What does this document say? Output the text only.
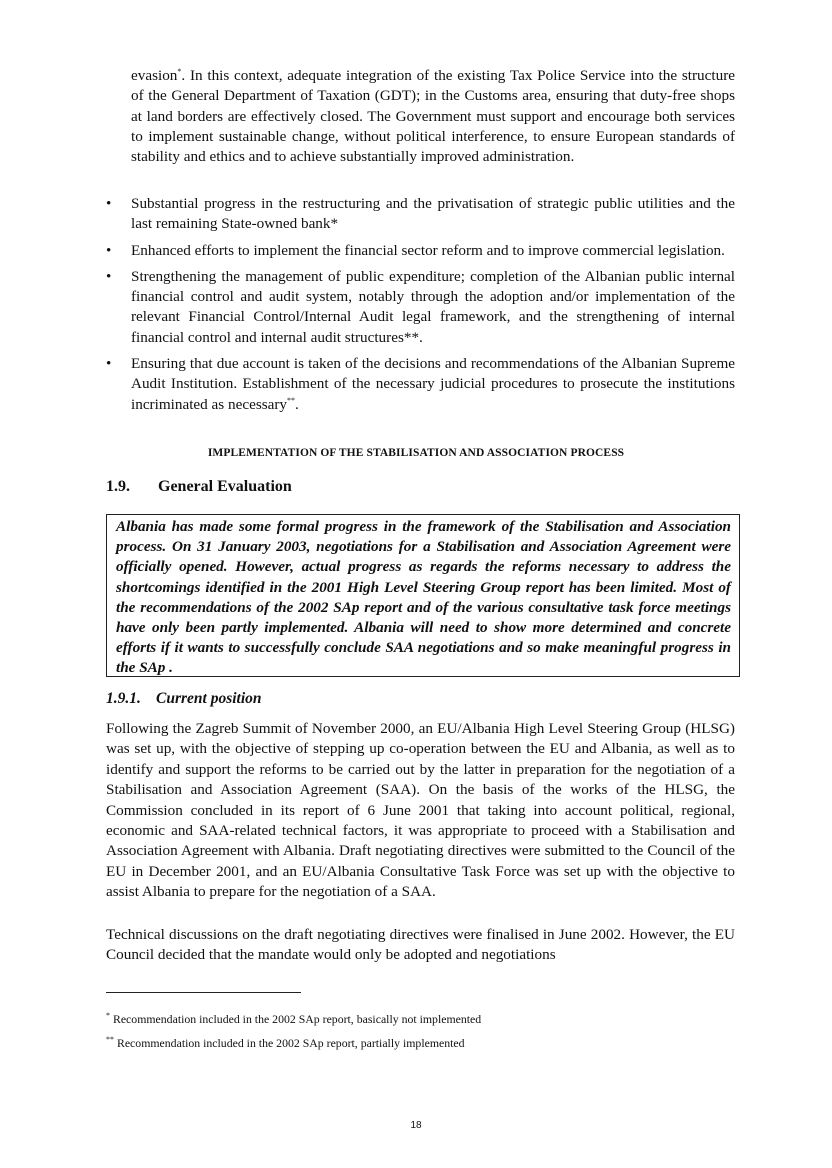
evasion*. In this context, adequate integration of the existing Tax Police Service into the structure of the General Department of Taxation (GDT); in the Customs area, ensuring that duty-free shops at land borders are effectively closed. The Government must support and encourage both services to implement sustainable change, without political interference, to ensure European standards of stability and ethics and to achieve substantially improved administration.

• Substantial progress in the restructuring and the privatisation of strategic public utilities and the last remaining State-owned bank*
• Enhanced efforts to implement the financial sector reform and to improve commercial legislation.
• Strengthening the management of public expenditure; completion of the Albanian public internal financial control and audit system, notably through the adoption and/or implementation of the relevant Financial Control/Internal Audit legal framework, and the strengthening of internal financial control and internal audit structures**.
• Ensuring that due account is taken of the decisions and recommendations of the Albanian Supreme Audit Institution. Establishment of the necessary judicial procedures to prosecute the institutions incriminated as necessary**.
IMPLEMENTATION OF THE STABILISATION AND ASSOCIATION PROCESS
1.9. General Evaluation
Albania has made some formal progress in the framework of the Stabilisation and Association process. On 31 January 2003, negotiations for a Stabilisation and Association Agreement were officially opened. However, actual progress as regards the reforms necessary to address the shortcomings identified in the 2001 High Level Steering Group report has been limited. Most of the recommendations of the 2002 SAp report and of the various consultative task force meetings have only been partly implemented. Albania will need to show more determined and concrete efforts if it wants to successfully conclude SAA negotiations and so make meaningful progress in the SAp .
1.9.1. Current position

Following the Zagreb Summit of November 2000, an EU/Albania High Level Steering Group (HLSG) was set up, with the objective of stepping up co-operation between the EU and Albania, as well as to identify and support the reforms to be carried out by the latter in preparation for the negotiation of a Stabilisation and Association Agreement (SAA). On the basis of the works of the HLSG, the Commission concluded in its report of 6 June 2001 that taking into account political, regional, economic and SAA-related technical factors, it was appropriate to proceed with a Stabilisation and Association Agreement with Albania. Draft negotiating directives were submitted to the Council of the EU in December 2001, and an EU/Albania Consultative Task Force was set up with the objective to assist Albania to prepare for the negotiation of a SAA.

Technical discussions on the draft negotiating directives were finalised in June 2002. However, the EU Council decided that the mandate would only be adopted and negotiations

* Recommendation included in the 2002 SAp report, basically not implemented
** Recommendation included in the 2002 SAp report, partially implemented
18
